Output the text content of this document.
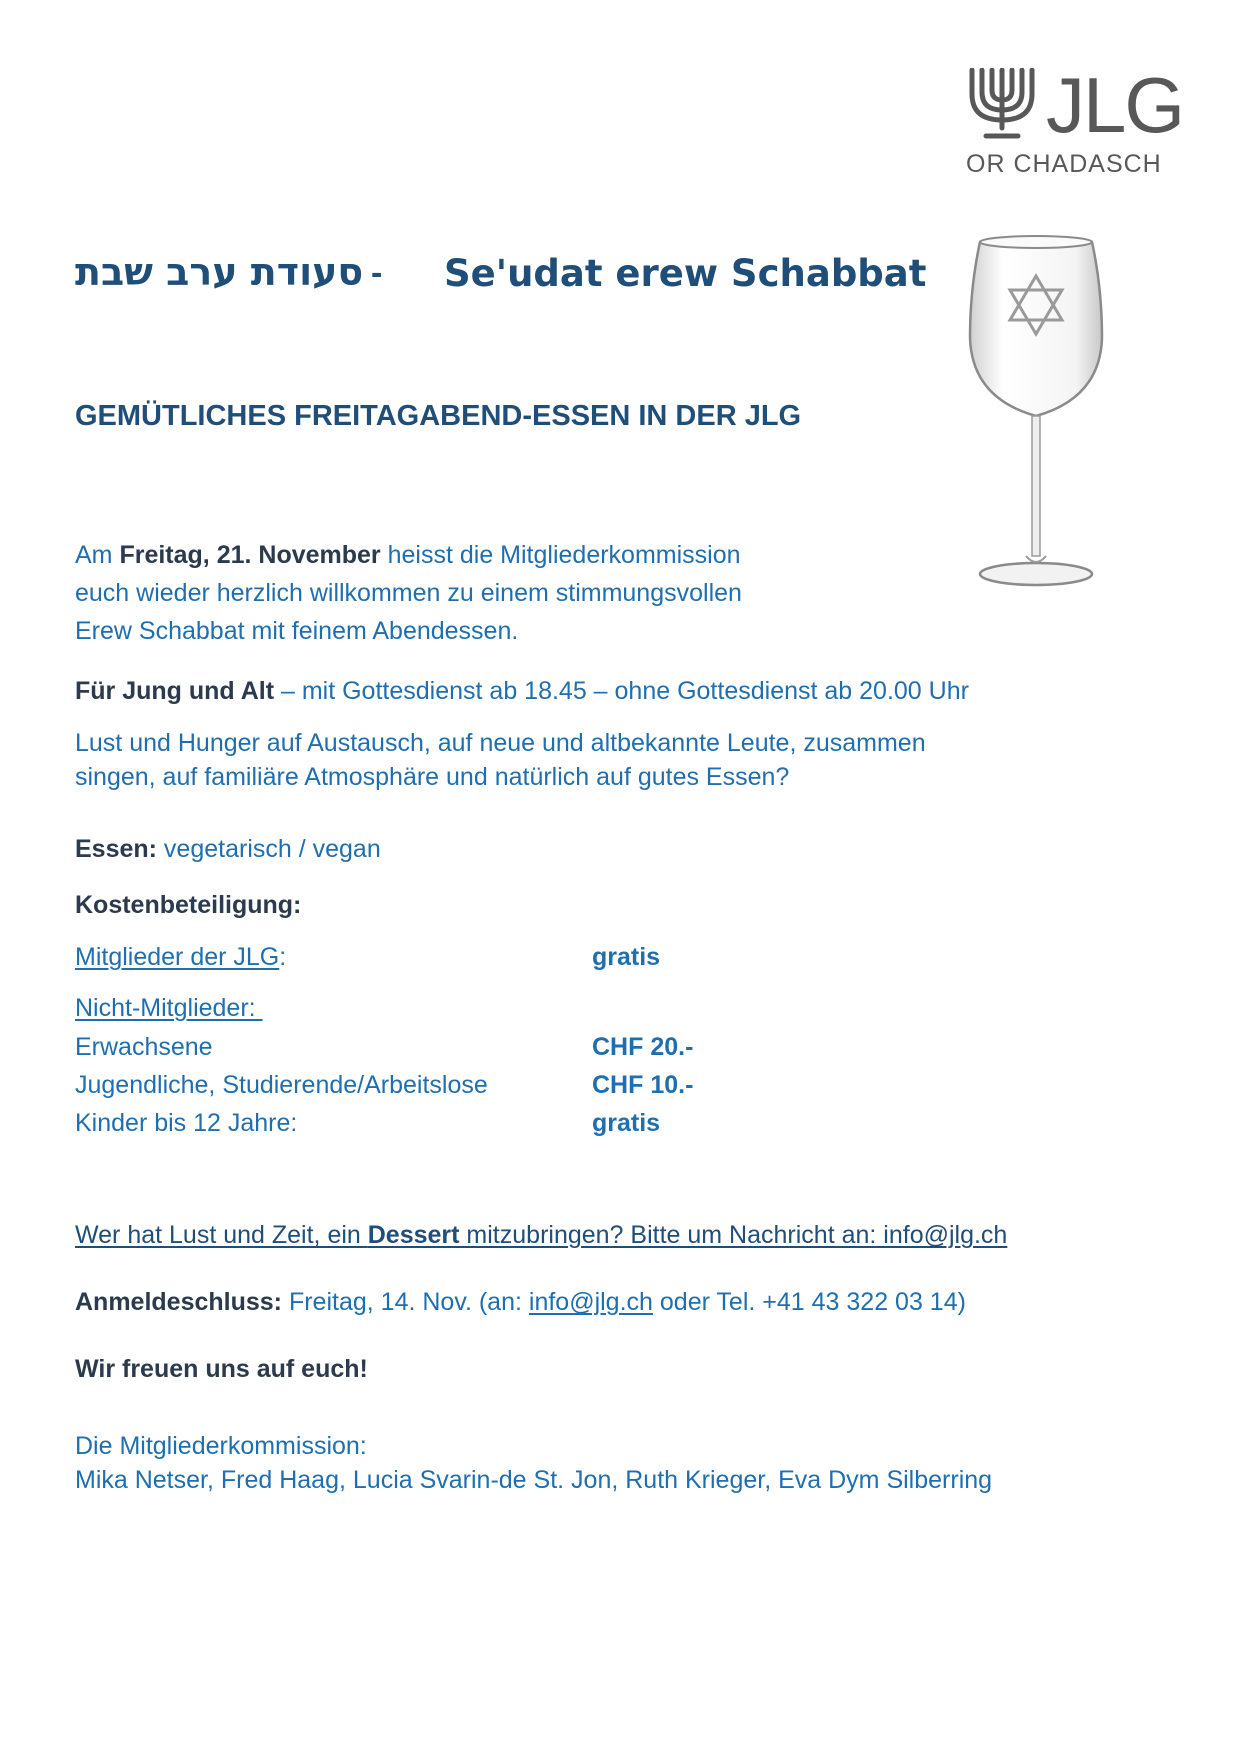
JLG
OR CHADASCH
סעודת ערב שבת - Se'udat erew Schabbat
GEMÜTLICHES FREITAGABEND-ESSEN IN DER JLG
Am Freitag, 21. November heisst die Mitgliederkommission
euch wieder herzlich willkommen zu einem stimmungsvollen
Erew Schabbat mit feinem Abendessen.
Für Jung und Alt – mit Gottesdienst ab 18.45 – ohne Gottesdienst ab 20.00 Uhr
Lust und Hunger auf Austausch, auf neue und altbekannte Leute, zusammen
singen, auf familiäre Atmosphäre und natürlich auf gutes Essen?
Essen: vegetarisch / vegan
Kostenbeteiligung:
Mitglieder der JLG:	gratis
Nicht-Mitglieder:
Erwachsene	CHF 20.-
Jugendliche, Studierende/Arbeitslose	CHF 10.-
Kinder bis 12 Jahre:	gratis
Wer hat Lust und Zeit, ein Dessert mitzubringen? Bitte um Nachricht an: info@jlg.ch
Anmeldeschluss: Freitag, 14. Nov. (an: info@jlg.ch oder Tel. +41 43 322 03 14)
Wir freuen uns auf euch!
Die Mitgliederkommission:
Mika Netser, Fred Haag, Lucia Svarin-de St. Jon, Ruth Krieger, Eva Dym Silberring
